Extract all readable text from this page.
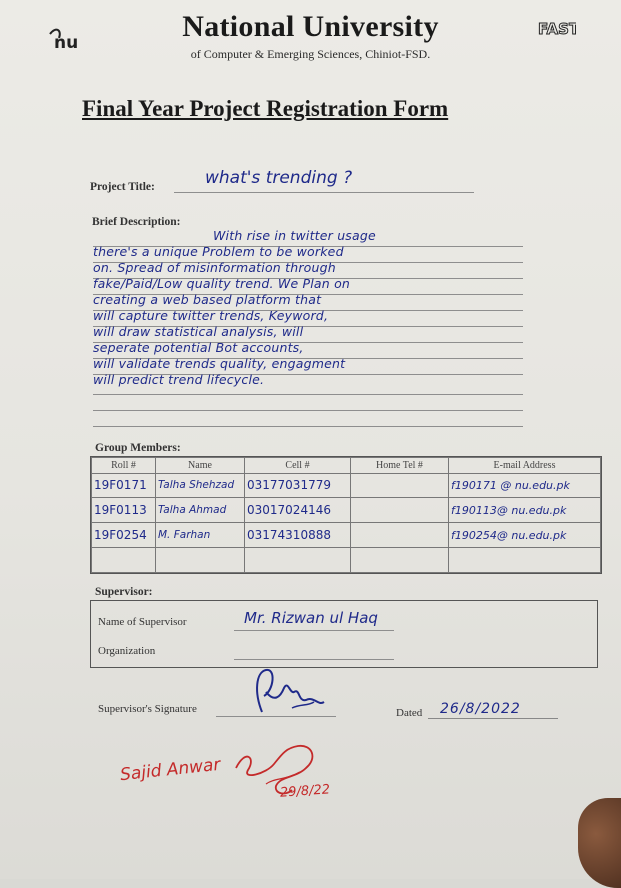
nu
FAST
National University
of Computer & Emerging Sciences, Chiniot-FSD.
Final Year Project Registration Form
Project Title:	what's trending ?
Brief Description:
With rise in twitter usage
there's a unique Problem to be worked
on. Spread of misinformation through
fake/Paid/Low quality trend. We Plan on
creating a web based platform that
will capture twitter trends, Keyword,
will draw statistical analysis, will
seperate potential Bot accounts,
will validate trends quality, engagment
will predict trend lifecycle.
Group Members:
Roll #	Name	Cell #	Home Tel #	E-mail Address
19F0171	Talha Shehzad	03177031779		f190171 @ nu.edu.pk
19F0113	Talha Ahmad	03017024146		f190113@ nu.edu.pk
19F0254	M. Farhan	03174310888		f190254@ nu.edu.pk

Supervisor:
Name of Supervisor	Mr. Rizwan ul Haq
Organization
Supervisor's Signature	Dated 26/8/2022
Sajid Anwar
29/8/22
